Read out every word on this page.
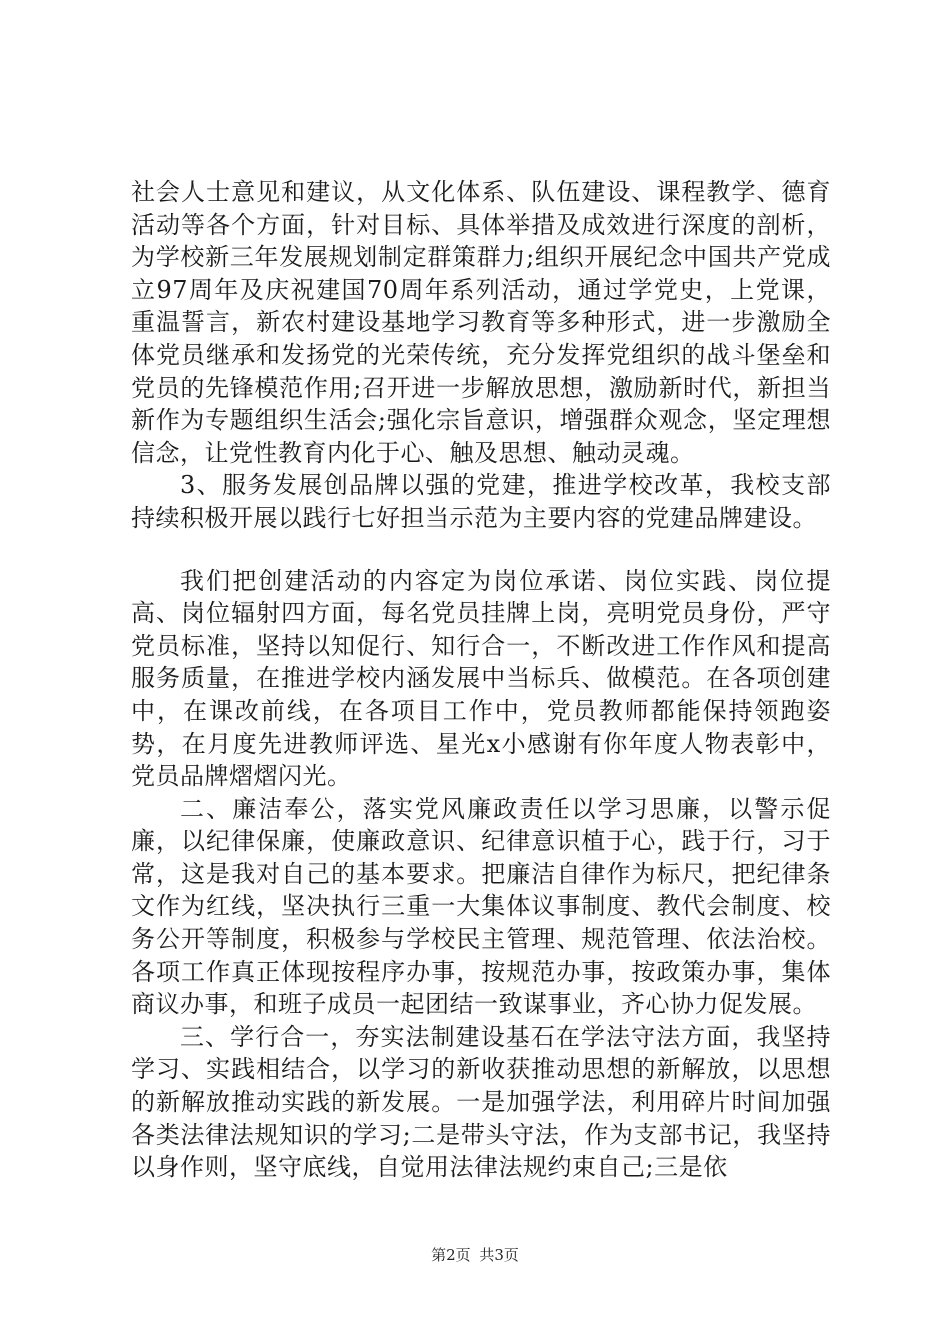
社会人士意见和建议，从文化体系、队伍建设、课程教学、德育活动等各个方面，针对目标、具体举措及成效进行深度的剖析，为学校新三年发展规划制定群策群力;组织开展纪念中国共产党成立97周年及庆祝建国70周年系列活动，通过学党史，上党课，重温誓言，新农村建设基地学习教育等多种形式，进一步激励全体党员继承和发扬党的光荣传统，充分发挥党组织的战斗堡垒和党员的先锋模范作用;召开进一步解放思想，激励新时代，新担当新作为专题组织生活会;强化宗旨意识，增强群众观念，坚定理想信念，让党性教育内化于心、触及思想、触动灵魂。

3、服务发展创品牌以强的党建，推进学校改革，我校支部持续积极开展以践行七好担当示范为主要内容的党建品牌建设。

我们把创建活动的内容定为岗位承诺、岗位实践、岗位提高、岗位辐射四方面，每名党员挂牌上岗，亮明党员身份，严守党员标准，坚持以知促行、知行合一，不断改进工作作风和提高服务质量，在推进学校内涵发展中当标兵、做模范。在各项创建中，在课改前线，在各项目工作中，党员教师都能保持领跑姿势，在月度先进教师评选、星光x小感谢有你年度人物表彰中，党员品牌熠熠闪光。

二、廉洁奉公，落实党风廉政责任以学习思廉，以警示促廉，以纪律保廉，使廉政意识、纪律意识植于心，践于行，习于常，这是我对自己的基本要求。把廉洁自律作为标尺，把纪律条文作为红线，坚决执行三重一大集体议事制度、教代会制度、校务公开等制度，积极参与学校民主管理、规范管理、依法治校。各项工作真正体现按程序办事，按规范办事，按政策办事，集体商议办事，和班子成员一起团结一致谋事业，齐心协力促发展。

三、学行合一，夯实法制建设基石在学法守法方面，我坚持学习、实践相结合，以学习的新收获推动思想的新解放，以思想的新解放推动实践的新发展。一是加强学法，利用碎片时间加强各类法律法规知识的学习;二是带头守法，作为支部书记，我坚持以身作则，坚守底线，自觉用法律法规约束自己;三是依

第2页 共3页
